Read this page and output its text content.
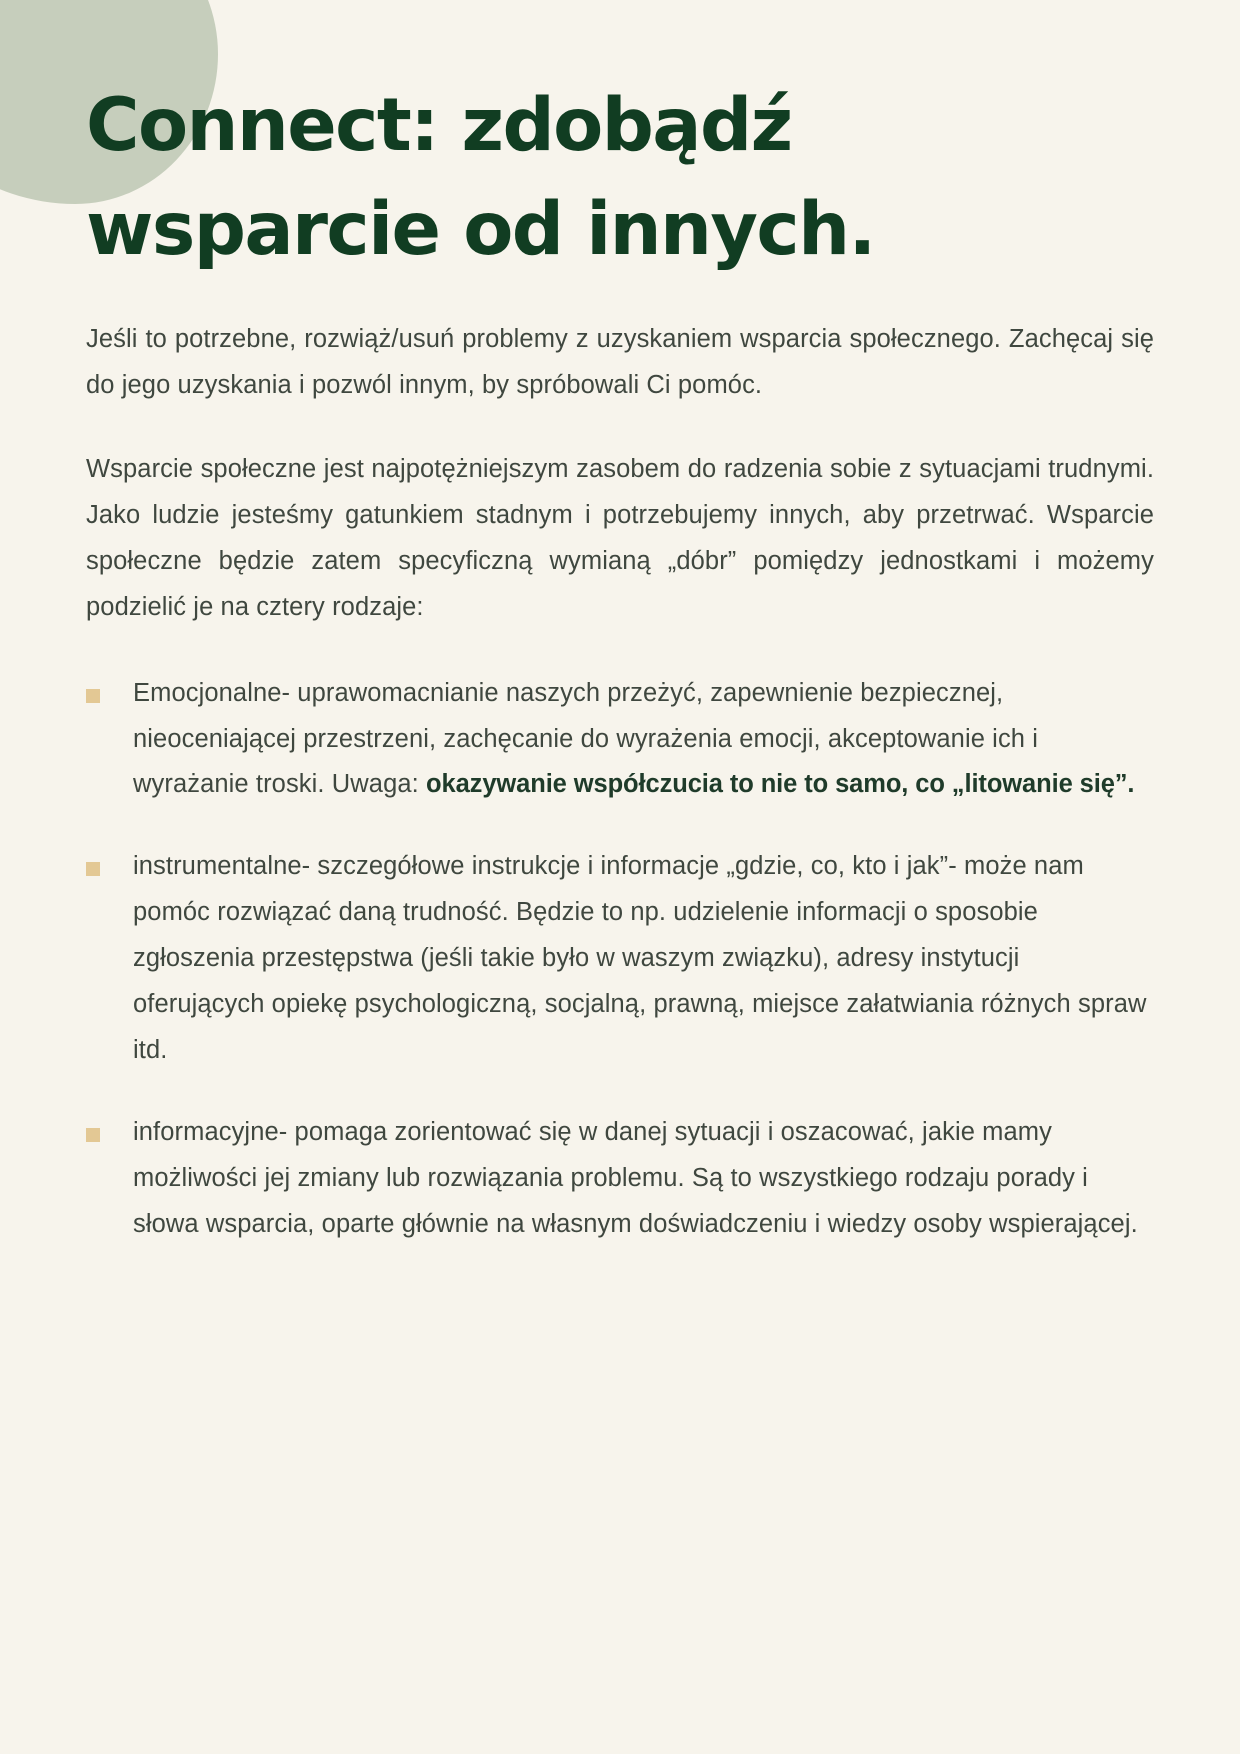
Connect: zdobądź wsparcie od innych.

Jeśli to potrzebne, rozwiąż/usuń problemy z uzyskaniem wsparcia społecznego. Zachęcaj się do jego uzyskania i pozwól innym, by spróbowali Ci pomóc.

Wsparcie społeczne jest najpotężniejszym zasobem do radzenia sobie z sytuacjami trudnymi. Jako ludzie jesteśmy gatunkiem stadnym i potrzebujemy innych, aby przetrwać. Wsparcie społeczne będzie zatem specyficzną wymianą „dóbr” pomiędzy jednostkami i możemy podzielić je na cztery rodzaje:

Emocjonalne- uprawomacnianie naszych przeżyć, zapewnienie bezpiecznej, nieoceniającej przestrzeni, zachęcanie do wyrażenia emocji, akceptowanie ich i wyrażanie troski. Uwaga: okazywanie współczucia to nie to samo, co „litowanie się”.
instrumentalne- szczegółowe instrukcje i informacje „gdzie, co, kto i jak”- może nam pomóc rozwiązać daną trudność. Będzie to np. udzielenie informacji o sposobie zgłoszenia przestępstwa (jeśli takie było w waszym związku), adresy instytucji oferujących opiekę psychologiczną, socjalną, prawną, miejsce załatwiania różnych spraw itd.
informacyjne- pomaga zorientować się w danej sytuacji i oszacować, jakie mamy możliwości jej zmiany lub rozwiązania problemu. Są to wszystkiego rodzaju porady i słowa wsparcia, oparte głównie na własnym doświadczeniu i wiedzy osoby wspierającej.
